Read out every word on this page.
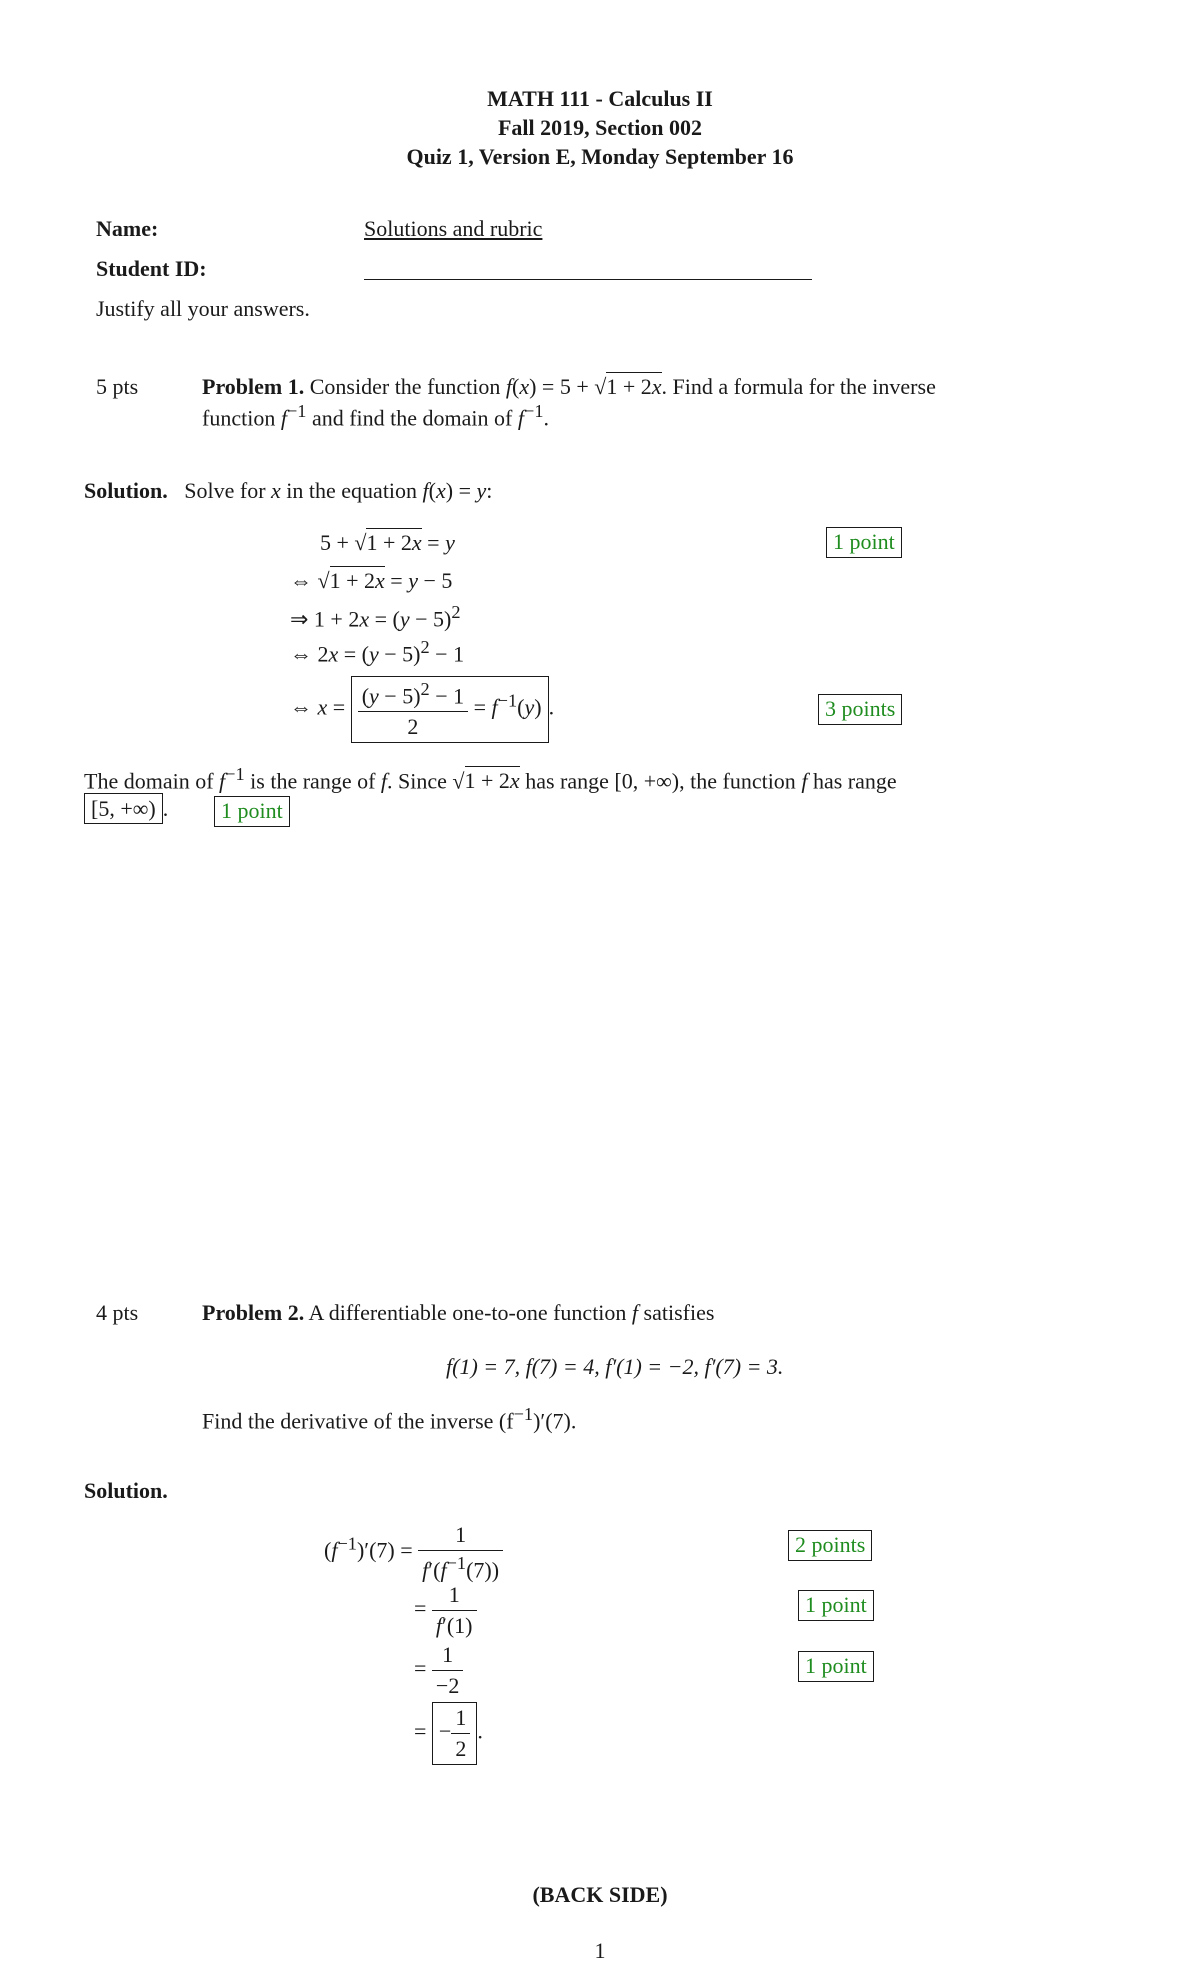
MATH 111 - Calculus II
Fall 2019, Section 002
Quiz 1, Version E, Monday September 16
Name:	Solutions and rubric
Student ID:
Justify all your answers.
5 pts	Problem 1. Consider the function f(x) = 5 + √1 + 2x. Find a formula for the inverse
function $f^{-1}$ and find the domain of $f^{-1}$.
Solution. Solve for x in the equation f(x) = y:
5 + √1 + 2x = y
⇔ √1 + 2x = y − 5
⇒ $1 + 2x = (y - 5)^2$
⇔ $2x = (y - 5)^2 - 1$
⇔ $x = \frac{(y - 5)^2 - 1}{2} = f^{-1}(y)$.
1 point
3 points
The domain of $f^{-1}$ is the range of f. Since √1 + 2x has range [0, +∞), the function f has range
[5, +∞) .	1 point
4 pts	Problem 2. A differentiable one-to-one function f satisfies
f(1) = 7, f(7) = 4, f′(1) = −2, f′(7) = 3.
Find the derivative of the inverse $(f^{-1})'(7)$.
Solution.
$(f^{-1})'(7) = \frac{1}{f'(f^{-1}(7))}$
= $\frac{1}{f'(1)}$
= $\frac{1}{-2}$
= − $\frac{1}{2}$ .
2 points
1 point
1 point
(BACK SIDE)
1
